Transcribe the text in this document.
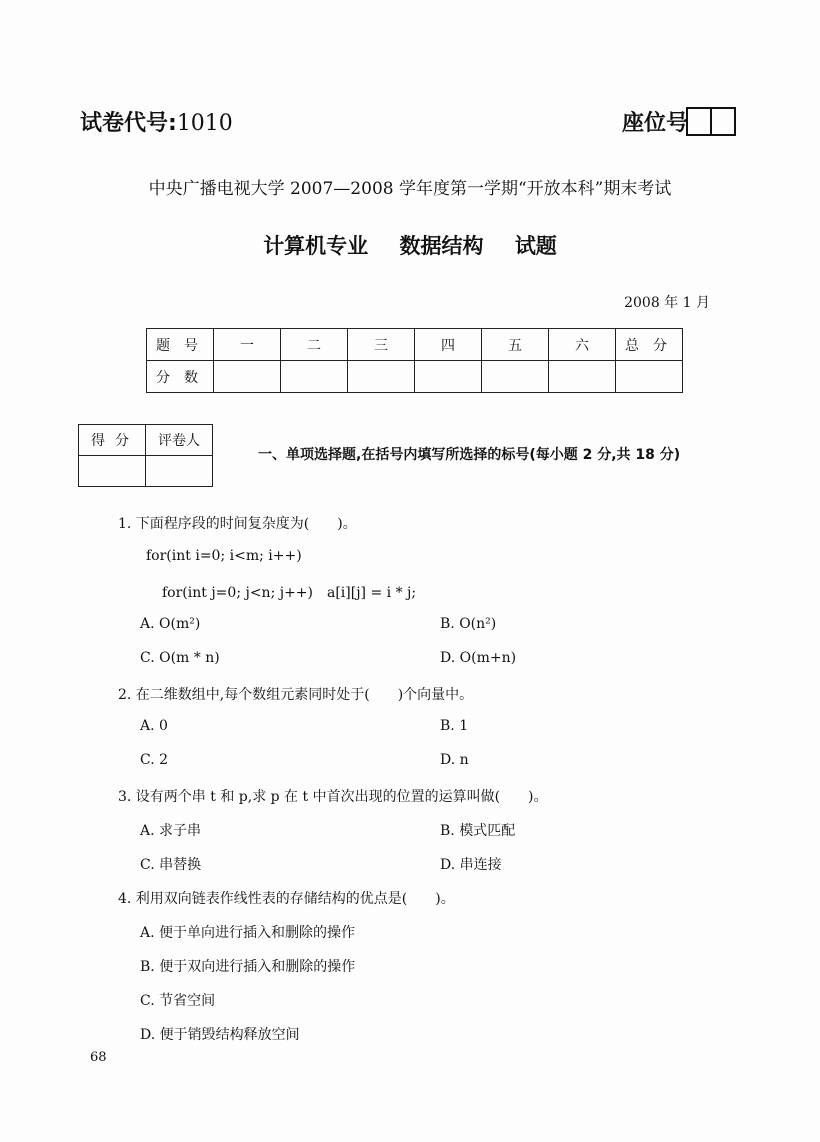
试卷代号:1010	座位号
中央广播电视大学 2007—2008 学年度第一学期“开放本科”期末考试
计算机专业 数据结构 试题
2008 年 1 月
题号	一	二	三	四	五	六	总分
分数							
得分	评卷人

一、单项选择题,在括号内填写所选择的标号(每小题 2 分,共 18 分)
1. 下面程序段的时间复杂度为(　　)。
for(int i=0; i<m; i++)
for(int j=0; j<n; j++)　a[i][j] = i * j;
A. O(m²)	B. O(n²)
C. O(m * n)	D. O(m+n)
2. 在二维数组中,每个数组元素同时处于(　　)个向量中。
A. 0	B. 1
C. 2	D. n
3. 设有两个串 t 和 p,求 p 在 t 中首次出现的位置的运算叫做(　　)。
A. 求子串	B. 模式匹配
C. 串替换	D. 串连接
4. 利用双向链表作线性表的存储结构的优点是(　　)。
A. 便于单向进行插入和删除的操作
B. 便于双向进行插入和删除的操作
C. 节省空间
D. 便于销毁结构释放空间
68
